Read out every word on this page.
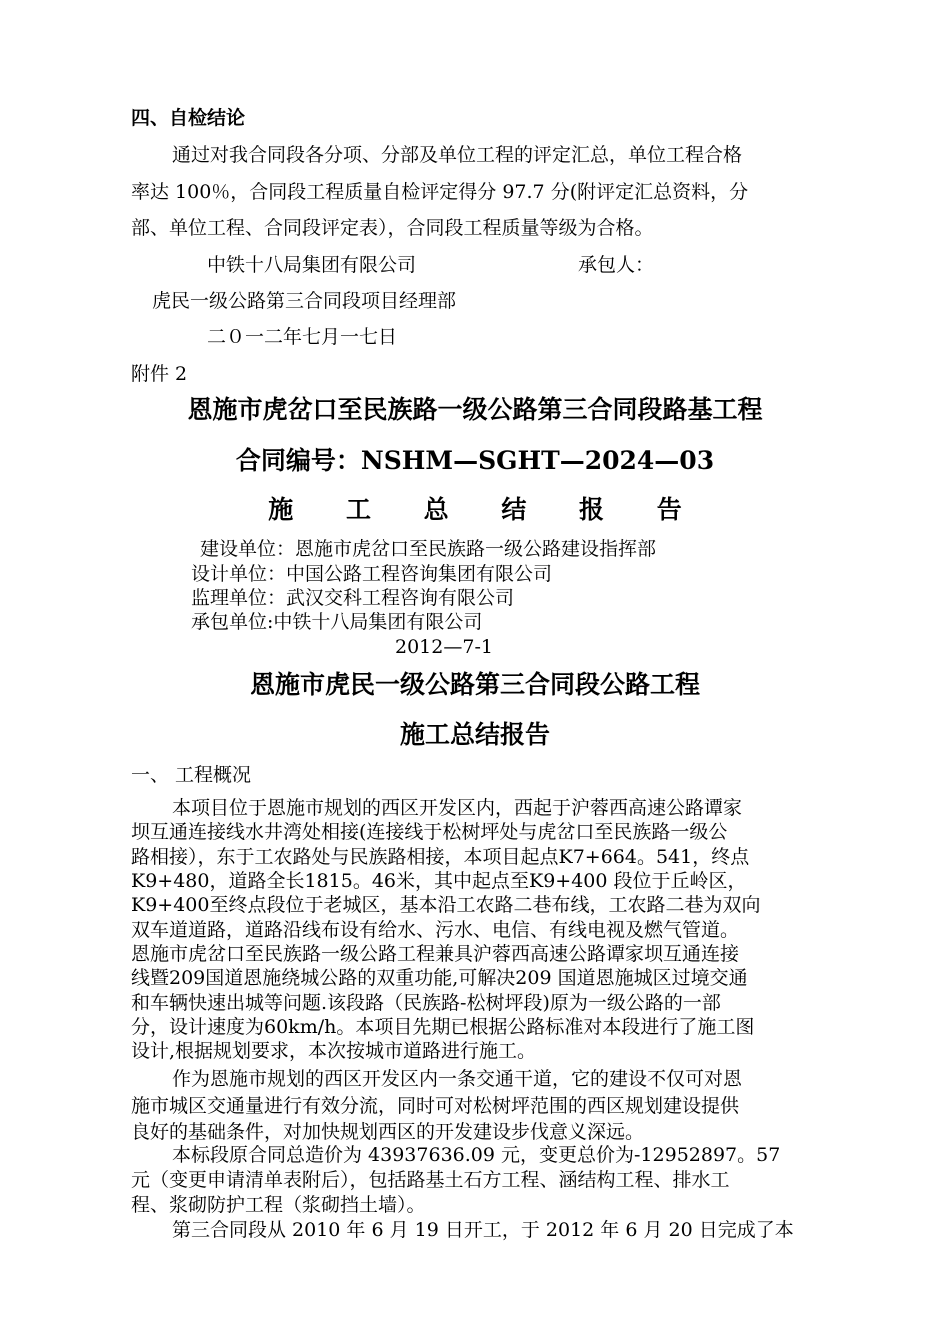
四、自检结论
通过对我合同段各分项、分部及单位工程的评定汇总，单位工程合格
率达 100％，合同段工程质量自检评定得分 97.7 分(附评定汇总资料，分
部、单位工程、合同段评定表），合同段工程质量等级为合格。
中铁十八局集团有限公司	承包人：
虎民一级公路第三合同段项目经理部
二０一二年七月一七日
附件 2
恩施市虎岔口至民族路一级公路第三合同段路基工程
合同编号：NSHM—SGHT—2024—03
施 工 总 结 报 告
建设单位：恩施市虎岔口至民族路一级公路建设指挥部
设计单位：中国公路工程咨询集团有限公司
监理单位：武汉交科工程咨询有限公司
承包单位:中铁十八局集团有限公司
2012—7-1
恩施市虎民一级公路第三合同段公路工程
施工总结报告
一、 工程概况
本项目位于恩施市规划的西区开发区内，西起于沪蓉西高速公路谭家
坝互通连接线水井湾处相接(连接线于松树坪处与虎岔口至民族路一级公
路相接），东于工农路处与民族路相接，本项目起点K7+664。541，终点
K9+480，道路全长1815。46米，其中起点至K9+400 段位于丘岭区，
K9+400至终点段位于老城区，基本沿工农路二巷布线，工农路二巷为双向
双车道道路，道路沿线布设有给水、污水、电信、有线电视及燃气管道。
恩施市虎岔口至民族路一级公路工程兼具沪蓉西高速公路谭家坝互通连接
线暨209国道恩施绕城公路的双重功能,可解决209 国道恩施城区过境交通
和车辆快速出城等问题.该段路（民族路-松树坪段)原为一级公路的一部
分，设计速度为60km/h。本项目先期已根据公路标准对本段进行了施工图
设计,根据规划要求，本次按城市道路进行施工。
作为恩施市规划的西区开发区内一条交通干道，它的建设不仅可对恩
施市城区交通量进行有效分流，同时可对松树坪范围的西区规划建设提供
良好的基础条件，对加快规划西区的开发建设步伐意义深远。
本标段原合同总造价为 43937636.09 元，变更总价为-12952897。57
元（变更申请清单表附后），包括路基土石方工程、涵结构工程、排水工
程、浆砌防护工程（浆砌挡土墙）。
第三合同段从 2010 年 6 月 19 日开工，于 2012 年 6 月 20 日完成了本
